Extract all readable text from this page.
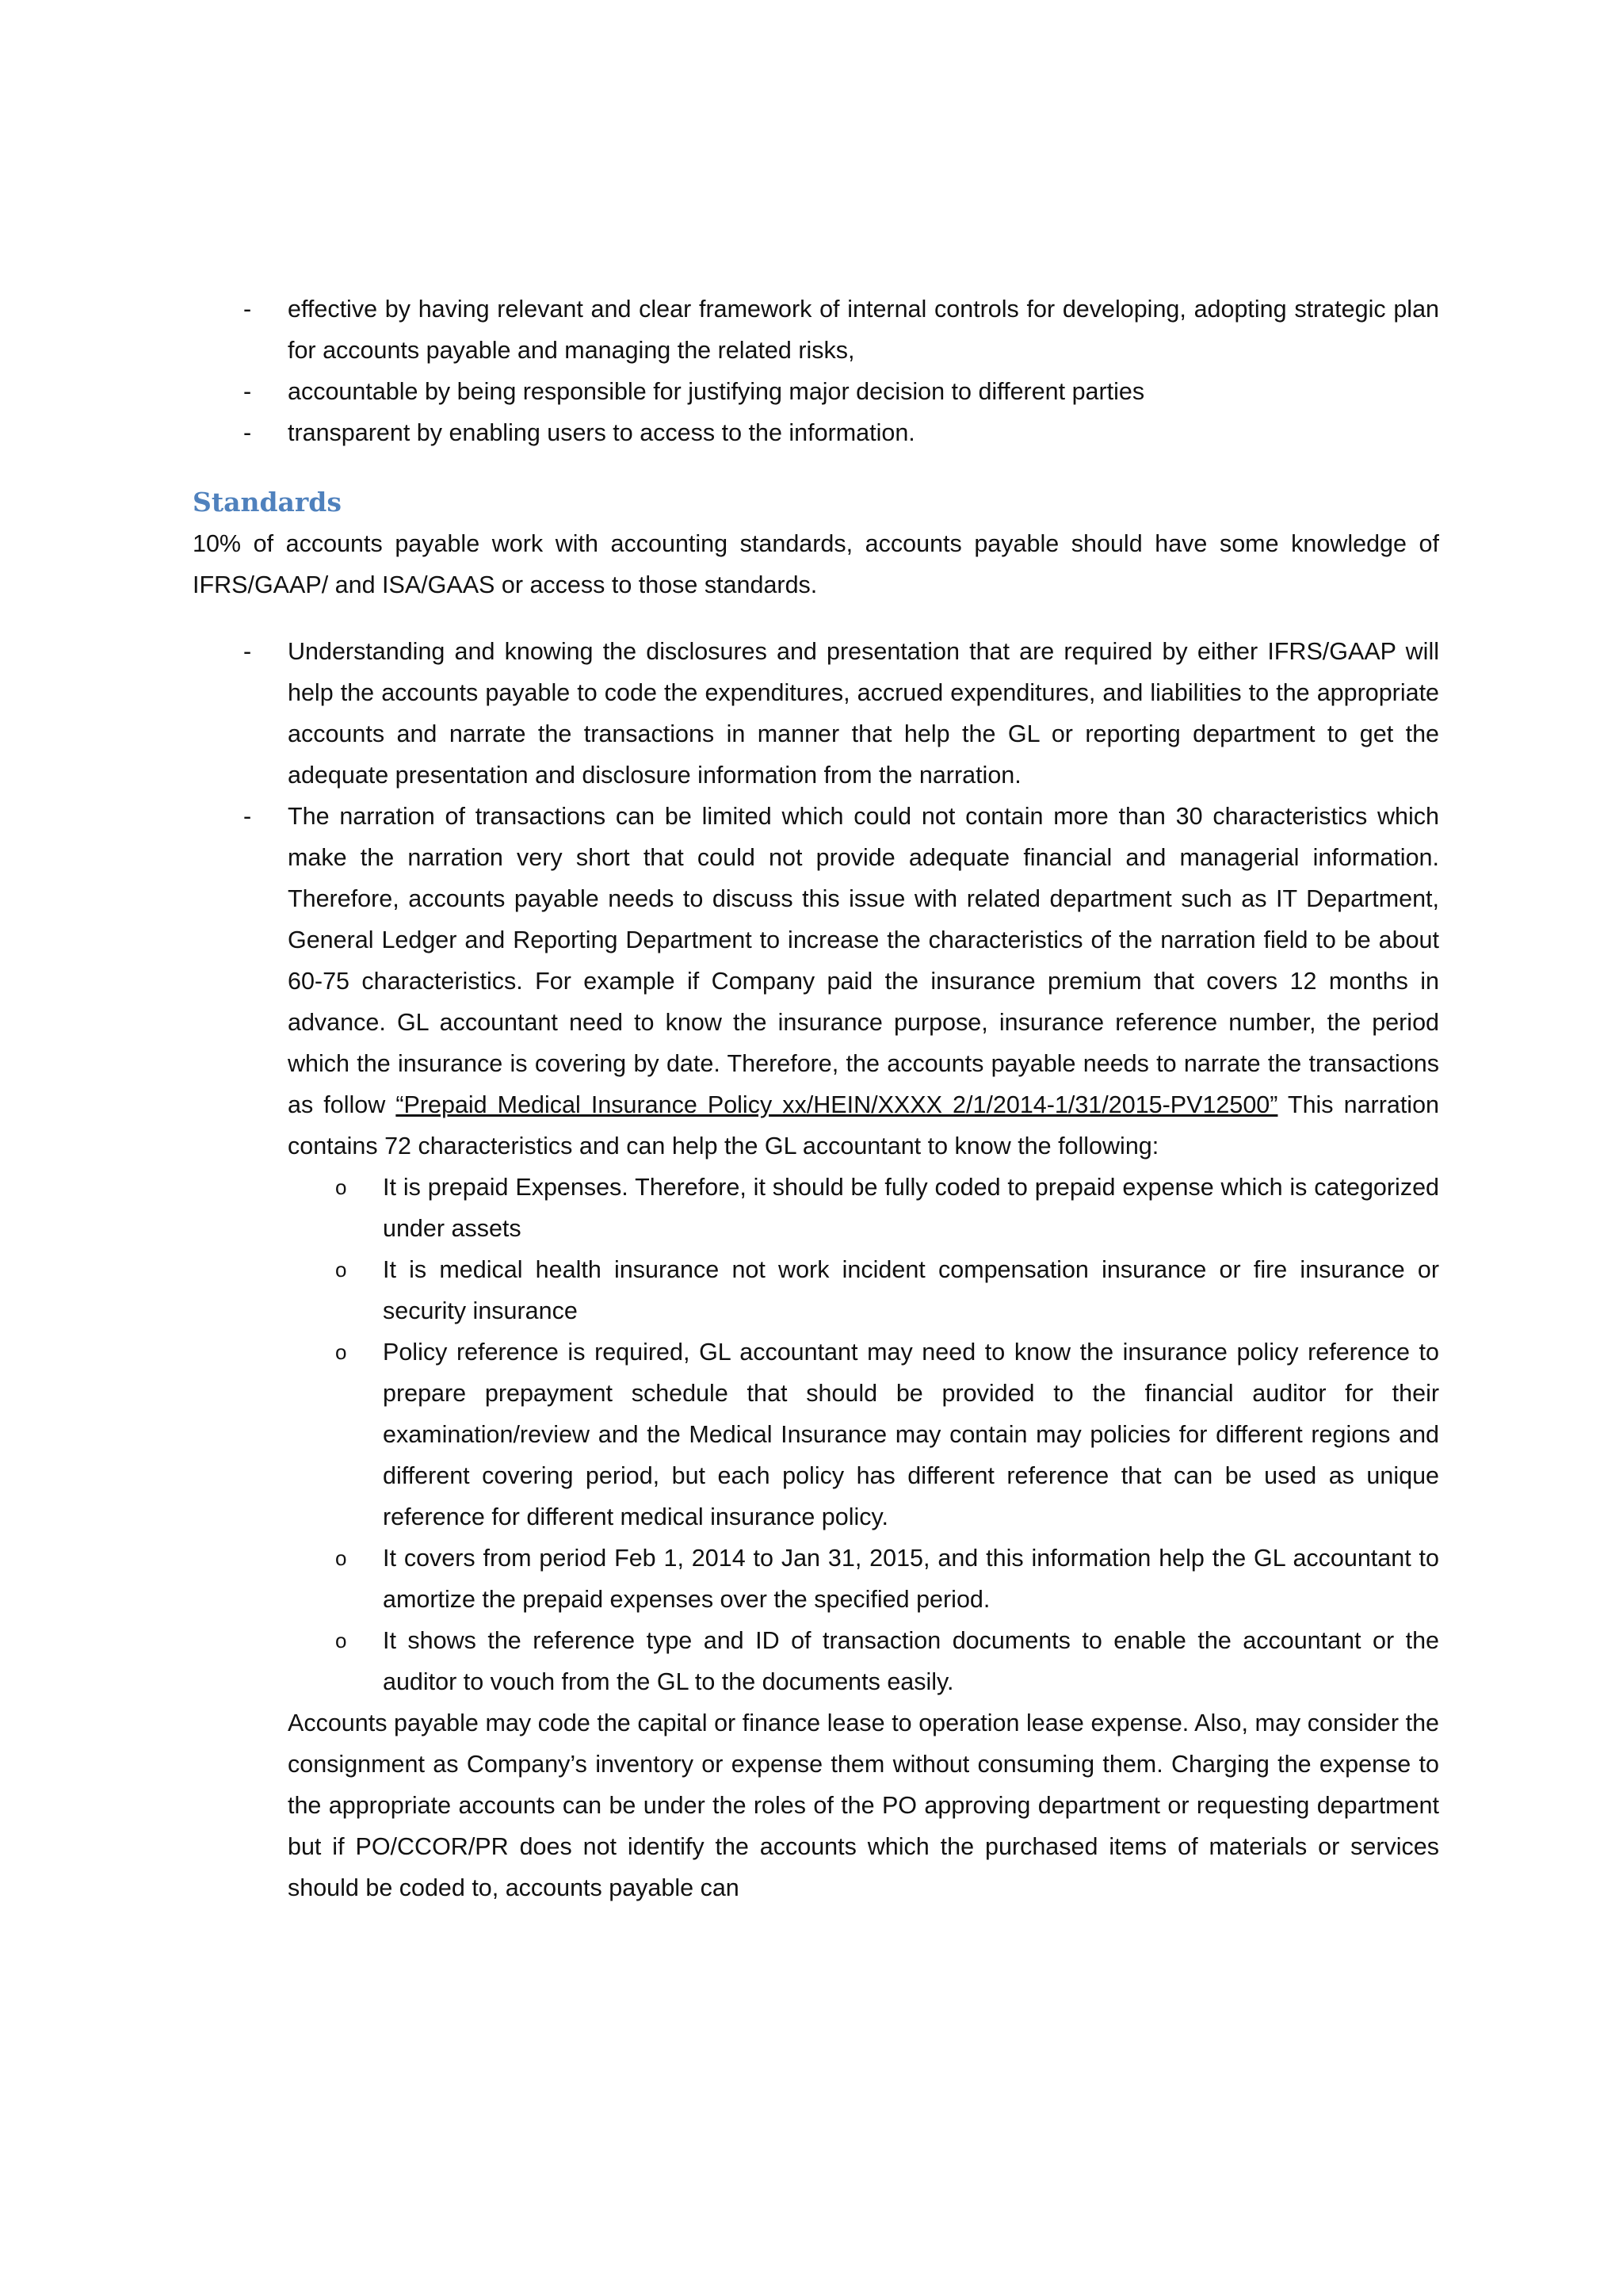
- effective by having relevant and clear framework of internal controls for developing, adopting strategic plan for accounts payable and managing the related risks,
- accountable by being responsible for justifying major decision to different parties
- transparent by enabling users to access to the information.
Standards
10% of accounts payable work with accounting standards, accounts payable should have some knowledge of IFRS/GAAP/ and ISA/GAAS or access to those standards.
- Understanding and knowing the disclosures and presentation that are required by either IFRS/GAAP will help the accounts payable to code the expenditures, accrued expenditures, and liabilities to the appropriate accounts and narrate the transactions in manner that help the GL or reporting department to get the adequate presentation and disclosure information from the narration.
- The narration of transactions can be limited which could not contain more than 30 characteristics which make the narration very short that could not provide adequate financial and managerial information. Therefore, accounts payable needs to discuss this issue with related department such as IT Department, General Ledger and Reporting Department to increase the characteristics of the narration field to be about 60-75 characteristics. For example if Company paid the insurance premium that covers 12 months in advance. GL accountant need to know the insurance purpose, insurance reference number, the period which the insurance is covering by date. Therefore, the accounts payable needs to narrate the transactions as follow “Prepaid Medical Insurance Policy xx/HEIN/XXXX 2/1/2014-1/31/2015-PV12500” This narration contains 72 characteristics and can help the GL accountant to know the following:
o It is prepaid Expenses. Therefore, it should be fully coded to prepaid expense which is categorized under assets
o It is medical health insurance not work incident compensation insurance or fire insurance or security insurance
o Policy reference is required, GL accountant may need to know the insurance policy reference to prepare prepayment schedule that should be provided to the financial auditor for their examination/review and the Medical Insurance may contain may policies for different regions and different covering period, but each policy has different reference that can be used as unique reference for different medical insurance policy.
o It covers from period Feb 1, 2014 to Jan 31, 2015, and this information help the GL accountant to amortize the prepaid expenses over the specified period.
o It shows the reference type and ID of transaction documents to enable the accountant or the auditor to vouch from the GL to the documents easily.
Accounts payable may code the capital or finance lease to operation lease expense. Also, may consider the consignment as Company’s inventory or expense them without consuming them. Charging the expense to the appropriate accounts can be under the roles of the PO approving department or requesting department but if PO/CCOR/PR does not identify the accounts which the purchased items of materials or services should be coded to, accounts payable can
